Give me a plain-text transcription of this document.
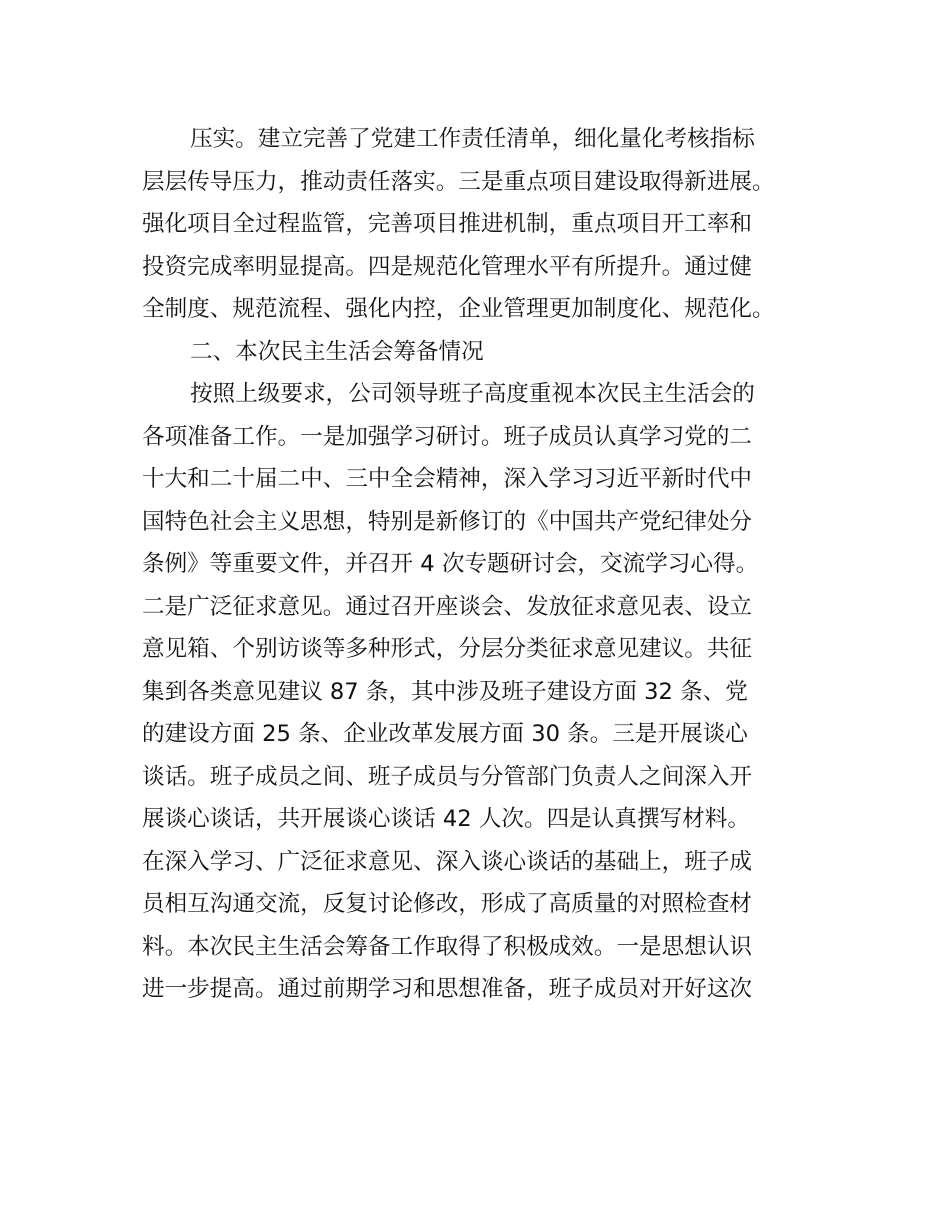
压实。建立完善了党建工作责任清单，细化量化考核指标
层层传导压力，推动责任落实。三是重点项目建设取得新进展。
强化项目全过程监管，完善项目推进机制，重点项目开工率和
投资完成率明显提高。四是规范化管理水平有所提升。通过健
全制度、规范流程、强化内控，企业管理更加制度化、规范化。
二、本次民主生活会筹备情况
按照上级要求，公司领导班子高度重视本次民主生活会的
各项准备工作。一是加强学习研讨。班子成员认真学习党的二
十大和二十届二中、三中全会精神，深入学习习近平新时代中
国特色社会主义思想，特别是新修订的《中国共产党纪律处分
条例》等重要文件，并召开 4 次专题研讨会，交流学习心得。
二是广泛征求意见。通过召开座谈会、发放征求意见表、设立
意见箱、个别访谈等多种形式，分层分类征求意见建议。共征
集到各类意见建议 87 条，其中涉及班子建设方面 32 条、党
的建设方面 25 条、企业改革发展方面 30 条。三是开展谈心
谈话。班子成员之间、班子成员与分管部门负责人之间深入开
展谈心谈话，共开展谈心谈话 42 人次。四是认真撰写材料。
在深入学习、广泛征求意见、深入谈心谈话的基础上，班子成
员相互沟通交流，反复讨论修改，形成了高质量的对照检查材
料。本次民主生活会筹备工作取得了积极成效。一是思想认识
进一步提高。通过前期学习和思想准备，班子成员对开好这次
